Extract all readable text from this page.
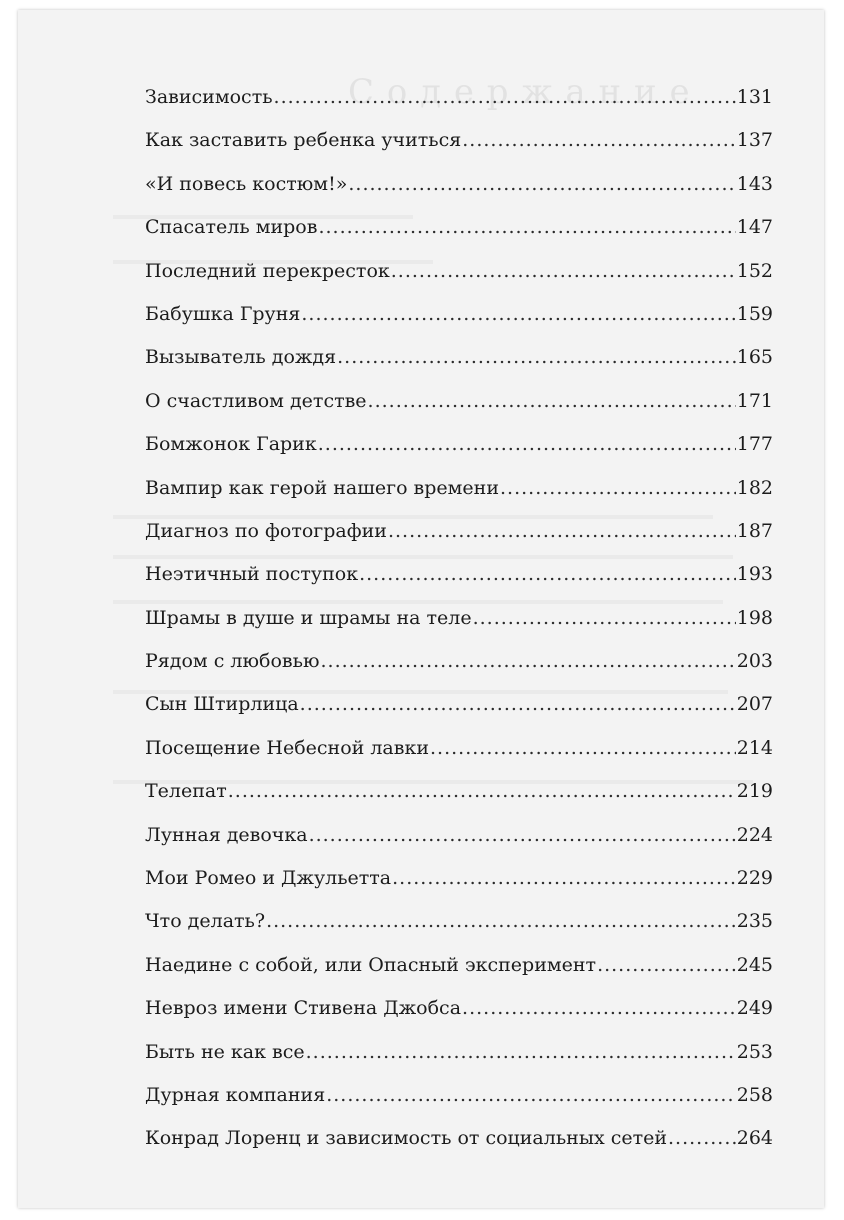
С о д е р ж а н и е
Зависимость .....	131
Как заставить ребенка учиться .....	137
«И повесь костюм!» .....	143
Спасатель миров .....	147
Последний перекресток .....	152
Бабушка Груня .....	159
Вызыватель дождя .....	165
О счастливом детстве .....	171
Бомжонок Гарик .....	177
Вампир как герой нашего времени .....	182
Диагноз по фотографии .....	187
Неэтичный поступок .....	193
Шрамы в душе и шрамы на теле .....	198
Рядом с любовью .....	203
Сын Штирлица .....	207
Посещение Небесной лавки .....	214
Телепат .....	219
Лунная девочка .....	224
Мои Ромео и Джульетта .....	229
Что делать? .....	235
Наедине с собой, или Опасный эксперимент .....	245
Невроз имени Стивена Джобса .....	249
Быть не как все .....	253
Дурная компания .....	258
Конрад Лоренц и зависимость от социальных сетей .....	264
